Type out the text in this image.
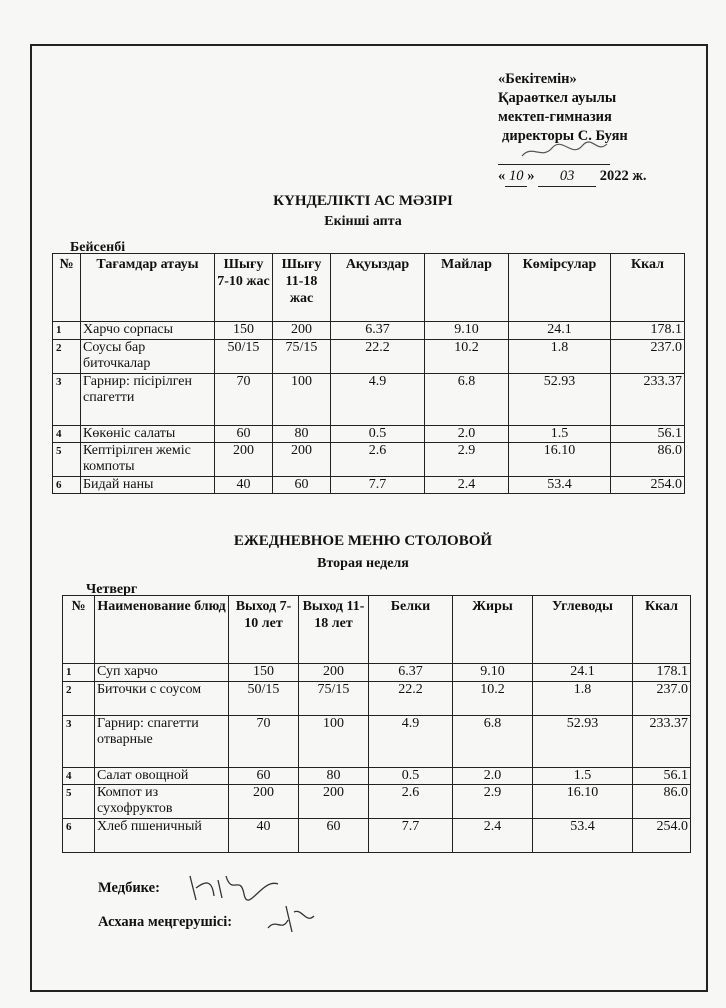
«Бекітемін»
Қараөткел ауылы
мектеп-гимназия
директоры С. Буян
« 10 » 03 2022 ж.
КҮНДЕЛІКТІ АС МӘЗІРІ
Екінші апта
Бейсенбі
№	Тағамдар атауы	Шығу 7-10 жас	Шығу 11-18 жас	Ақуыздар	Майлар	Көмірсулар	Ккал
1	Харчо сорпасы	150	200	6.37	9.10	24.1	178.1
2	Соусы бар биточкалар	50/15	75/15	22.2	10.2	1.8	237.0
3	Гарнир: пісірілген спагетти	70	100	4.9	6.8	52.93	233.37
4	Көкөніс салаты	60	80	0.5	2.0	1.5	56.1
5	Кептірілген жеміс компоты	200	200	2.6	2.9	16.10	86.0
6	Бидай наны	40	60	7.7	2.4	53.4	254.0
ЕЖЕДНЕВНОЕ МЕНЮ СТОЛОВОЙ
Вторая неделя
Четверг
№	Наименование блюд	Выход 7-10 лет	Выход 11-18 лет	Белки	Жиры	Углеводы	Ккал
1	Суп харчо	150	200	6.37	9.10	24.1	178.1
2	Биточки с соусом	50/15	75/15	22.2	10.2	1.8	237.0
3	Гарнир: спагетти отварные	70	100	4.9	6.8	52.93	233.37
4	Салат овощной	60	80	0.5	2.0	1.5	56.1
5	Компот из сухофруктов	200	200	2.6	2.9	16.10	86.0
6	Хлеб пшеничный	40	60	7.7	2.4	53.4	254.0
Медбике:
Асхана меңгерушісі:
